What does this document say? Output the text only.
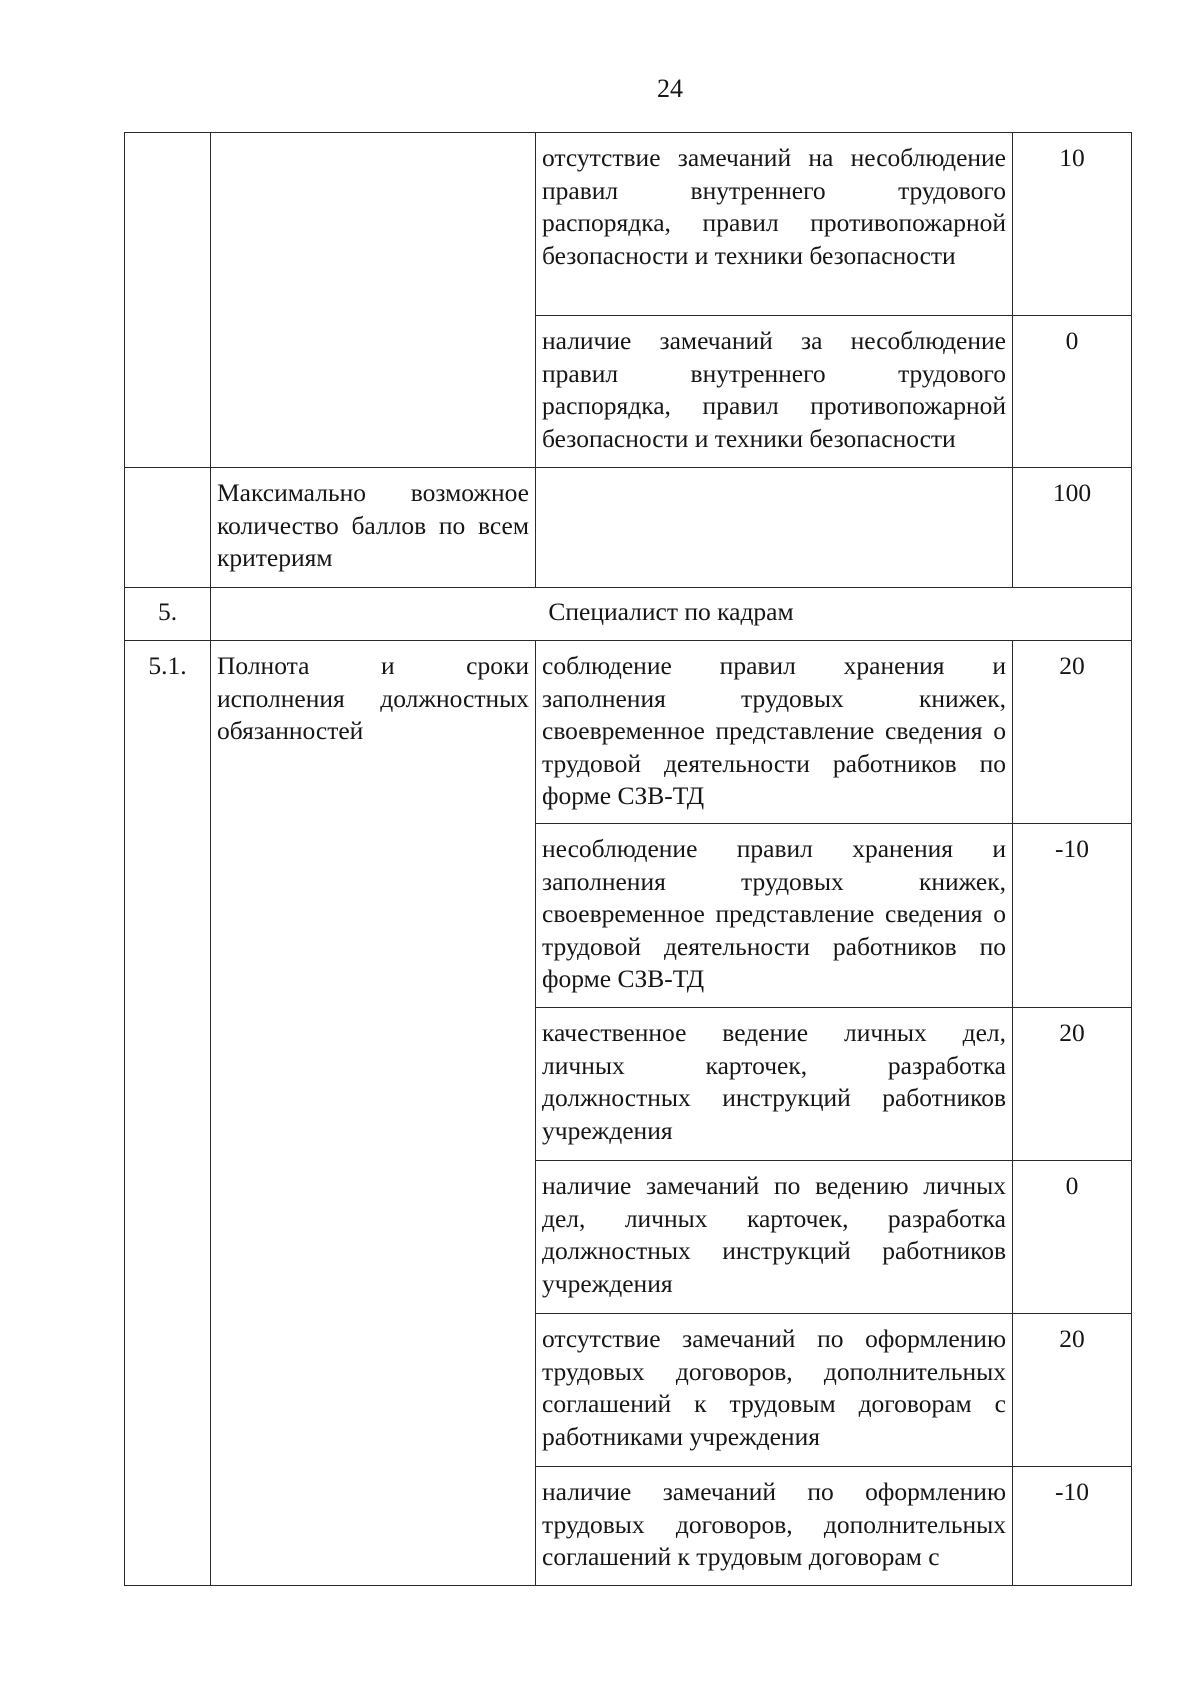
24
		отсутствие замечаний на несоблюдение правил внутреннего трудового распорядка, правил противопожарной безопасности и техники безопасности	10
		наличие замечаний за несоблюдение правил внутреннего трудового распорядка, правил противопожарной безопасности и техники безопасности	0
	Максимально возможное количество баллов по всем критериям		100
5.	Специалист по кадрам		
5.1.	Полнота и сроки исполнения должностных обязанностей	соблюдение правил хранения и заполнения трудовых книжек, своевременное представление сведения о трудовой деятельности работников по форме СЗВ-ТД	20
		несоблюдение правил хранения и заполнения трудовых книжек, своевременное представление сведения о трудовой деятельности работников по форме СЗВ-ТД	-10
		качественное ведение личных дел, личных карточек, разработка должностных инструкций работников учреждения	20
		наличие замечаний по ведению личных дел, личных карточек, разработка должностных инструкций работников учреждения	0
		отсутствие замечаний по оформлению трудовых договоров, дополнительных соглашений к трудовым договорам с работниками учреждения	20
		наличие замечаний по оформлению трудовых договоров, дополнительных соглашений к трудовым договорам с	-10
